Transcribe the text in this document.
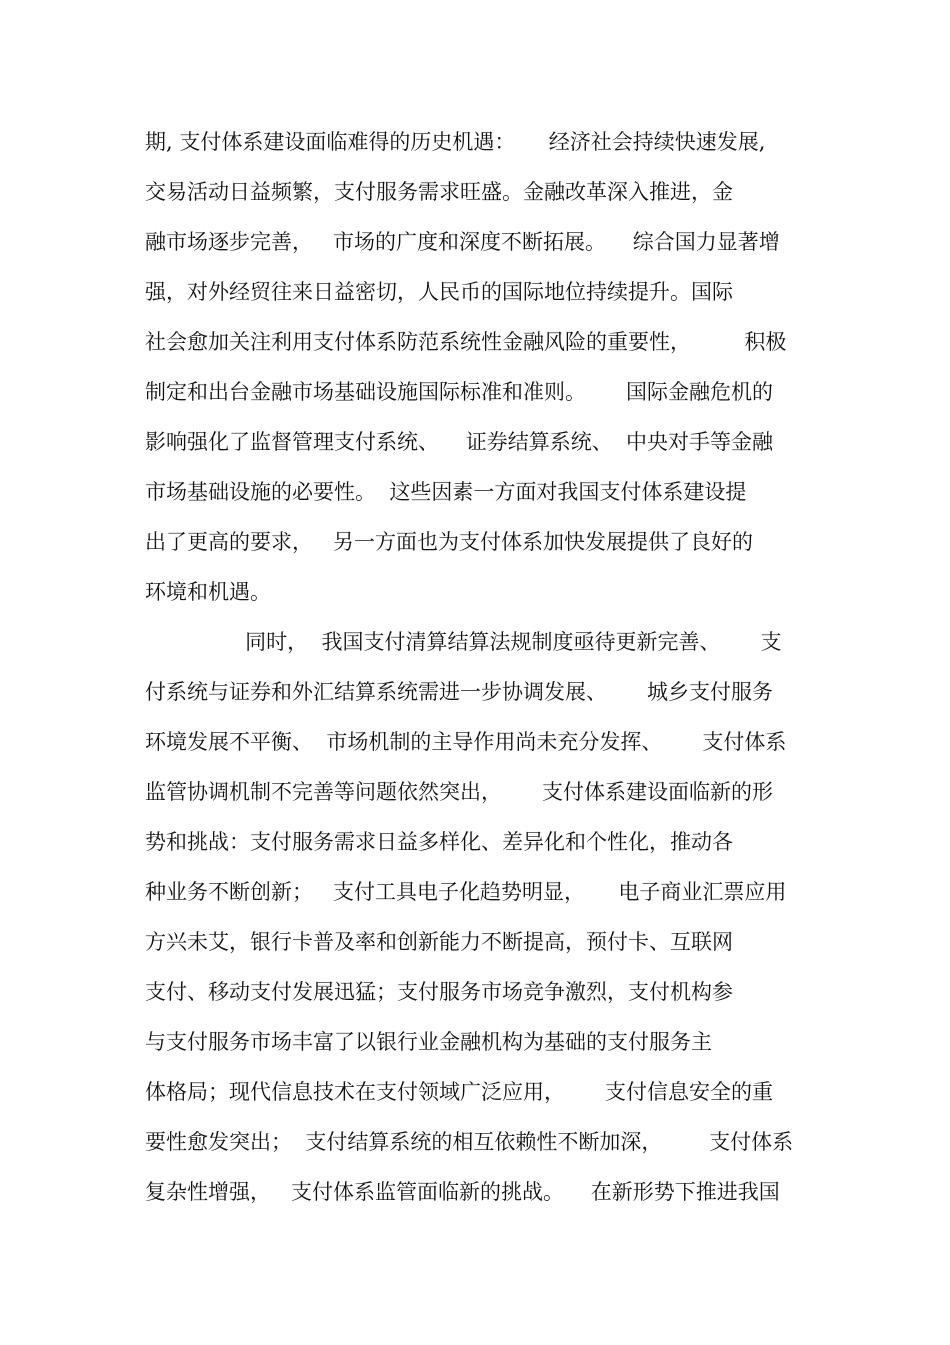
期, 支付体系建设面临难得的历史机遇：     经济社会持续快速发展,
交易活动日益频繁，支付服务需求旺盛。金融改革深入推进，金
融市场逐步完善，   市场的广度和深度不断拓展。    综合国力显著增
强，对外经贸往来日益密切，人民币的国际地位持续提升。国际
社会愈加关注利用支付体系防范系统性金融风险的重要性，        积极
制定和出台金融市场基础设施国际标准和准则。      国际金融危机的
影响强化了监督管理支付系统、    证券结算系统、  中央对手等金融
市场基础设施的必要性。  这些因素一方面对我国支付体系建设提
出了更高的要求，   另一方面也为支付体系加快发展提供了良好的
环境和机遇。
同时，  我国支付清算结算法规制度亟待更新完善、      支
付系统与证券和外汇结算系统需进一步协调发展、      城乡支付服务
环境发展不平衡、  市场机制的主导作用尚未充分发挥、      支付体系
监管协调机制不完善等问题依然突出，      支付体系建设面临新的形
势和挑战：支付服务需求日益多样化、差异化和个性化，推动各
种业务不断创新；   支付工具电子化趋势明显，     电子商业汇票应用
方兴未艾，银行卡普及率和创新能力不断提高，预付卡、互联网
支付、移动支付发展迅猛；支付服务市场竞争激烈，支付机构参
与支付服务市场丰富了以银行业金融机构为基础的支付服务主
体格局；现代信息技术在支付领域广泛应用，      支付信息安全的重
要性愈发突出；  支付结算系统的相互依赖性不断加深，       支付体系
复杂性增强，   支付体系监管面临新的挑战。    在新形势下推进我国
